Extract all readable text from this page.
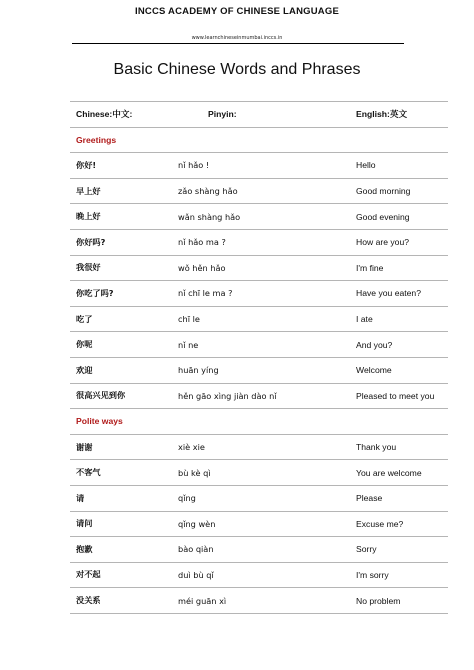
INCCS ACADEMY OF CHINESE LANGUAGE
www.learnchineseinmumbai.inccs.in
Basic Chinese Words and Phrases
Chinese:中文:	Pinyin:	English:英文
Greetings		
你好!	nǐ hǎo !	Hello
早上好	zǎo shàng hǎo	Good morning
晚上好	wǎn shàng hǎo	Good evening
你好吗?	nǐ hǎo ma ?	How are you?
我很好	wǒ hěn hǎo	I'm fine
你吃了吗?	nǐ chī le ma ?	Have you eaten?
吃了	chī le	I ate
你呢	nǐ ne	And you?
欢迎	huān yíng	Welcome
很高兴见到你	hěn gāo xìng jiàn dào nǐ	Pleased to meet you
Polite ways		
谢谢	xiè xie	Thank you
不客气	bù kè qì	You are welcome
请	qǐng	Please
请问	qǐng wèn	Excuse me?
抱歉	bào qiàn	Sorry
对不起	duì bù qǐ	I'm sorry
没关系	méi guān xì	No problem
